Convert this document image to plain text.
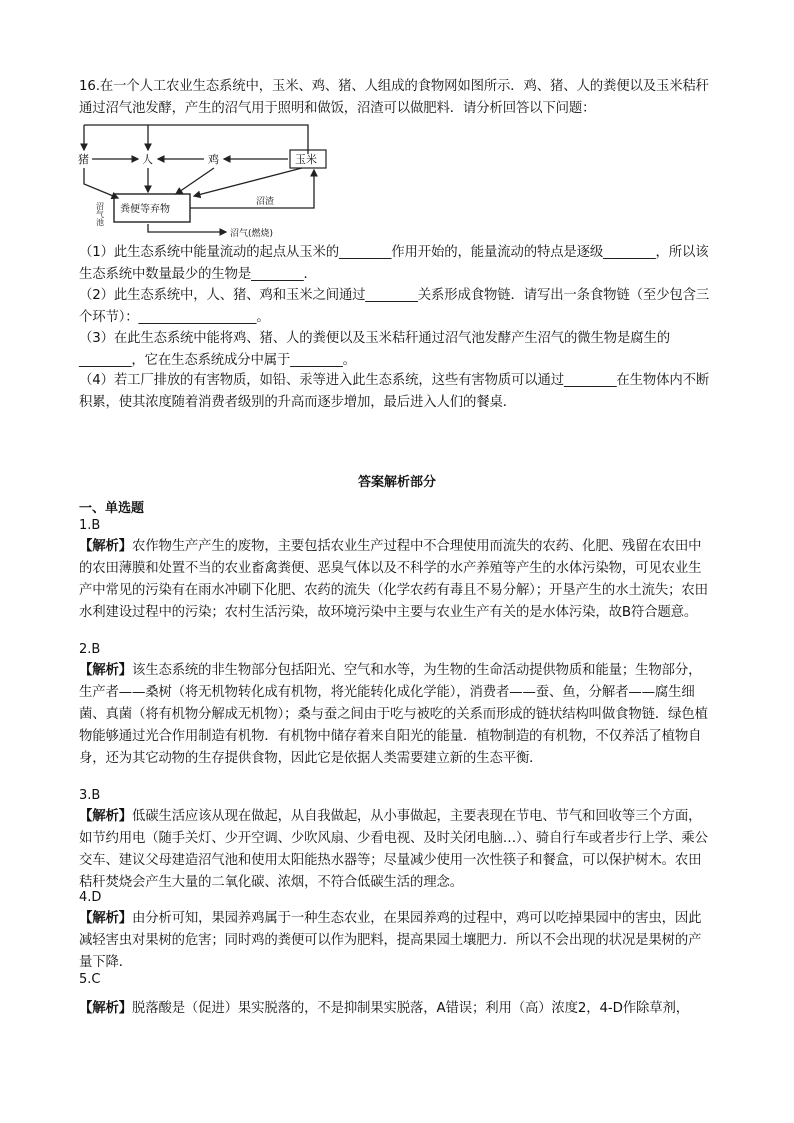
16.在一个人工农业生态系统中，玉米、鸡、猪、人组成的食物网如图所示．鸡、猪、人的粪便以及玉米秸秆通过沼气池发酵，产生的沼气用于照明和做饭，沼渣可以做肥料．请分析回答以下问题：
猪	人	鸡	玉米
沼气池 粪便等弃物
沼渣
沼气(燃烧)
（1）此生态系统中能量流动的起点从玉米的________作用开始的，能量流动的特点是逐级________，所以该生态系统中数量最少的生物是________．
（2）此生态系统中，人、猪、鸡和玉米之间通过________关系形成食物链．请写出一条食物链（至少包含三个环节）：__________________。
（3）在此生态系统中能将鸡、猪、人的粪便以及玉米秸秆通过沼气池发酵产生沼气的微生物是腐生的________，它在生态系统成分中属于________。
（4）若工厂排放的有害物质，如铅、汞等进入此生态系统，这些有害物质可以通过________在生物体内不断积累，使其浓度随着消费者级别的升高而逐步增加，最后进入人们的餐桌．
答案解析部分
一、单选题
1.B
【解析】农作物生产产生的废物，主要包括农业生产过程中不合理使用而流失的农药、化肥、残留在农田中的农田薄膜和处置不当的农业畜禽粪便、恶臭气体以及不科学的水产养殖等产生的水体污染物，可见农业生产中常见的污染有在雨水冲刷下化肥、农药的流失（化学农药有毒且不易分解）；开垦产生的水土流失；农田水利建设过程中的污染；农村生活污染，故环境污染中主要与农业生产有关的是水体污染，故B符合题意。
2.B
【解析】该生态系统的非生物部分包括阳光、空气和水等，为生物的生命活动提供物质和能量；生物部分，生产者——桑树（将无机物转化成有机物，将光能转化成化学能），消费者——蚕、鱼，分解者——腐生细菌、真菌（将有机物分解成无机物）；桑与蚕之间由于吃与被吃的关系而形成的链状结构叫做食物链．绿色植物能够通过光合作用制造有机物．有机物中储存着来自阳光的能量．植物制造的有机物，不仅养活了植物自身，还为其它动物的生存提供食物，因此它是依据人类需要建立新的生态平衡．
3.B
【解析】低碳生活应该从现在做起，从自我做起，从小事做起，主要表现在节电、节气和回收等三个方面，如节约用电（随手关灯、少开空调、少吹风扇、少看电视、及时关闭电脑…）、骑自行车或者步行上学、乘公交车、建议父母建造沼气池和使用太阳能热水器等；尽量减少使用一次性筷子和餐盒，可以保护树木。农田秸秆焚烧会产生大量的二氧化碳、浓烟，不符合低碳生活的理念。
4.D
【解析】由分析可知，果园养鸡属于一种生态农业，在果园养鸡的过程中，鸡可以吃掉果园中的害虫，因此减轻害虫对果树的危害；同时鸡的粪便可以作为肥料，提高果园土壤肥力．所以不会出现的状况是果树的产量下降．
5.C
【解析】脱落酸是（促进）果实脱落的，不是抑制果实脱落，A错误；利用（高）浓度2，4-D作除草剂，
